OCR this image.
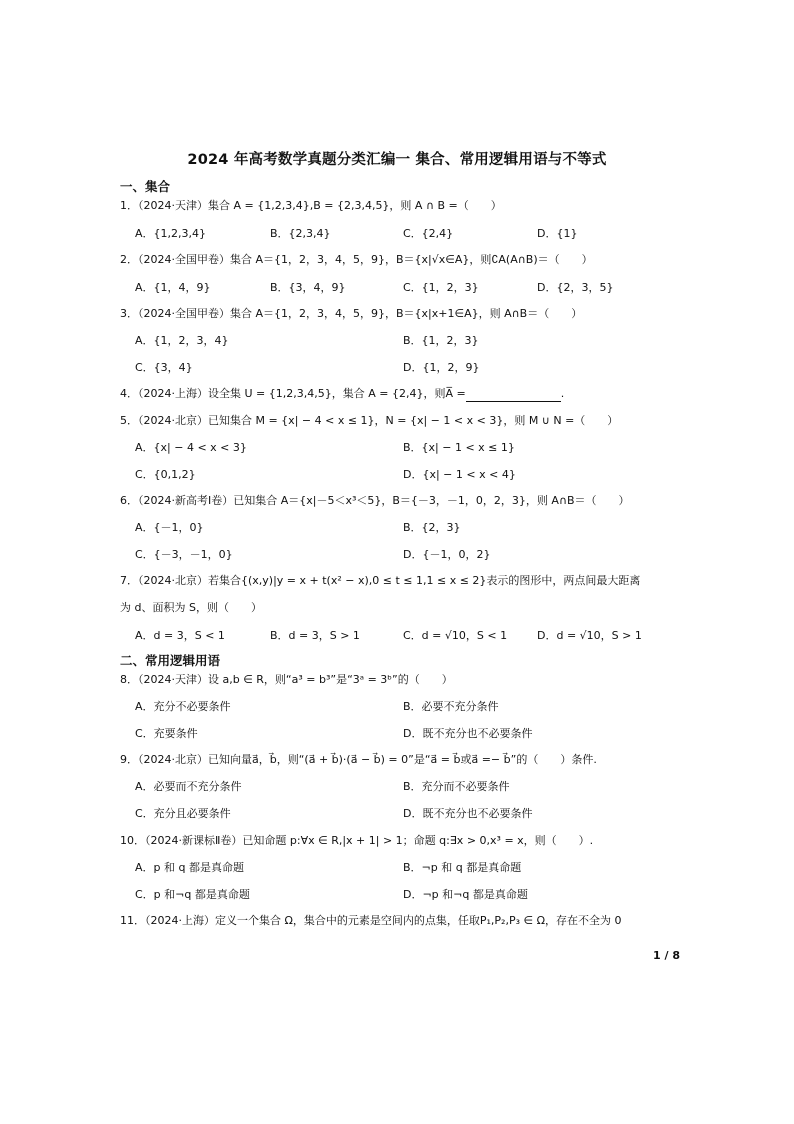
2024 年高考数学真题分类汇编一 集合、常用逻辑用语与不等式
一、集合
1．（2024·天津）集合 A = {1,2,3,4},B = {2,3,4,5}，则 A ∩ B =（　　）
A．{1,2,3,4}	B．{2,3,4}	C．{2,4}	D．{1}
2．（2024·全国甲卷）集合 A＝{1，2，3，4，5，9}，B＝{x|√x∈A}，则∁A(A∩B)＝（　　）
A．{1，4，9}	B．{3，4，9}	C．{1，2，3}	D．{2，3，5}
3．（2024·全国甲卷）集合 A＝{1，2，3，4，5，9}，B＝{x|x+1∈A}，则 A∩B＝（　　）
A．{1，2，3，4}	B．{1，2，3}
C．{3，4}	D．{1，2，9}
4．（2024·上海）设全集 U = {1,2,3,4,5}，集合 A = {2,4}，则A̅ =	.
5．（2024·北京）已知集合 M = {x| − 4 < x ≤ 1}，N = {x| − 1 < x < 3}，则 M ∪ N =（　　）
A．{x| − 4 < x < 3}	B．{x| − 1 < x ≤ 1}
C．{0,1,2}	D．{x| − 1 < x < 4}
6．（2024·新高考Ⅰ卷）已知集合 A＝{x|－5＜x³＜5}，B＝{－3，－1，0，2，3}，则 A∩B＝（　　）
A．{－1，0}	B．{2，3}
C．{－3，－1，0}	D．{－1，0，2}
7．（2024·北京）若集合{(x,y)|y = x + t(x² − x),0 ≤ t ≤ 1,1 ≤ x ≤ 2}表示的图形中，两点间最大距离
为 d、面积为 S，则（　　）
A．d = 3，S < 1	B．d = 3，S > 1	C．d = √10，S < 1	D．d = √10，S > 1
二、常用逻辑用语
8．（2024·天津）设 a,b ∈ R，则“a³ = b³”是“3ᵃ = 3ᵇ”的（　　）
A．充分不必要条件	B．必要不充分条件
C．充要条件	D．既不充分也不必要条件
9．（2024·北京）已知向量a⃗，b⃗，则“(a⃗ + b⃗)·(a⃗ − b⃗) = 0”是“a⃗ = b⃗或a⃗ =− b⃗”的（　　）条件.
A．必要而不充分条件	B．充分而不必要条件
C．充分且必要条件	D．既不充分也不必要条件
10．（2024·新课标Ⅱ卷）已知命题 p:∀x ∈ R,|x + 1| > 1；命题 q:∃x > 0,x³ = x，则（　　）.
A．p 和 q 都是真命题	B．¬p 和 q 都是真命题
C．p 和¬q 都是真命题	D．¬p 和¬q 都是真命题
11．（2024·上海）定义一个集合 Ω，集合中的元素是空间内的点集，任取P₁,P₂,P₃ ∈ Ω，存在不全为 0
1 / 8
